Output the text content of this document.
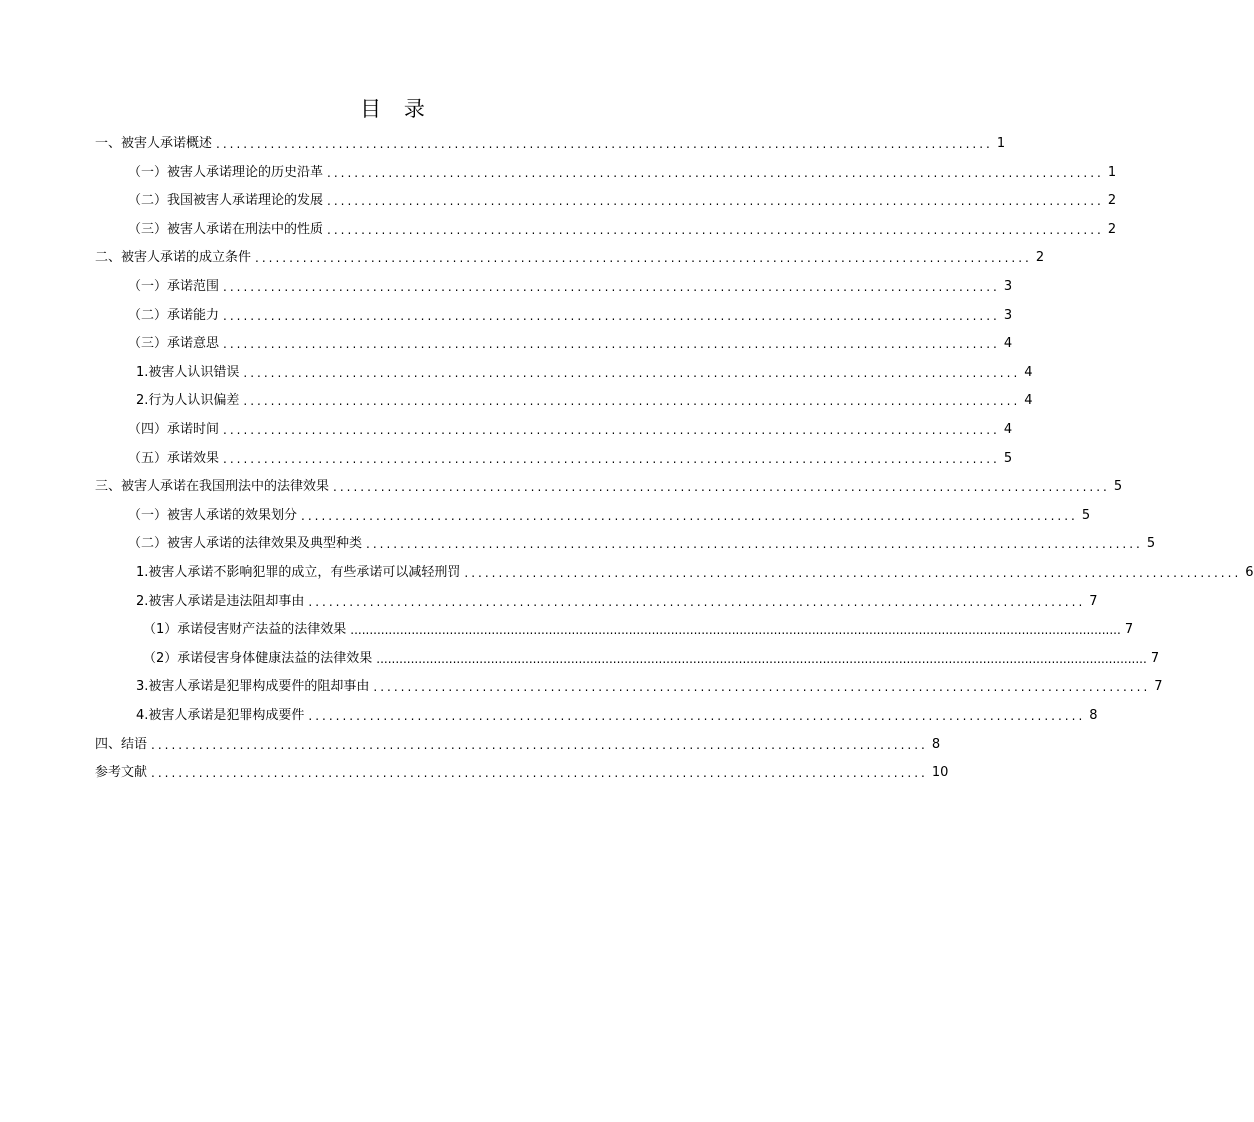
目 录
一、被害人承诺概述 .................................................................................................................. 1
（一）被害人承诺理论的历史沿革 .................................................................................................................. 1
（二）我国被害人承诺理论的发展 .................................................................................................................. 2
（三）被害人承诺在刑法中的性质 .................................................................................................................. 2
二、被害人承诺的成立条件 .................................................................................................................. 2
（一）承诺范围 .................................................................................................................. 3
（二）承诺能力 .................................................................................................................. 3
（三）承诺意思 .................................................................................................................. 4
1.被害人认识错误 .................................................................................................................. 4
2.行为人认识偏差 .................................................................................................................. 4
（四）承诺时间 .................................................................................................................. 4
（五）承诺效果 .................................................................................................................. 5
三、被害人承诺在我国刑法中的法律效果 .................................................................................................................. 5
（一）被害人承诺的效果划分 .................................................................................................................. 5
（二）被害人承诺的法律效果及典型种类 .................................................................................................................. 5
1.被害人承诺不影响犯罪的成立，有些承诺可以减轻刑罚 .................................................................................................................. 6
2.被害人承诺是违法阻却事由 .................................................................................................................. 7
（1）承诺侵害财产法益的法律效果 .......................................................................................................................................................................................................... 7
（2）承诺侵害身体健康法益的法律效果 .......................................................................................................................................................................................................... 7
3.被害人承诺是犯罪构成要件的阻却事由 .................................................................................................................. 7
4.被害人承诺是犯罪构成要件 .................................................................................................................. 8
四、结语 .................................................................................................................. 8
参考文献 .................................................................................................................. 10
